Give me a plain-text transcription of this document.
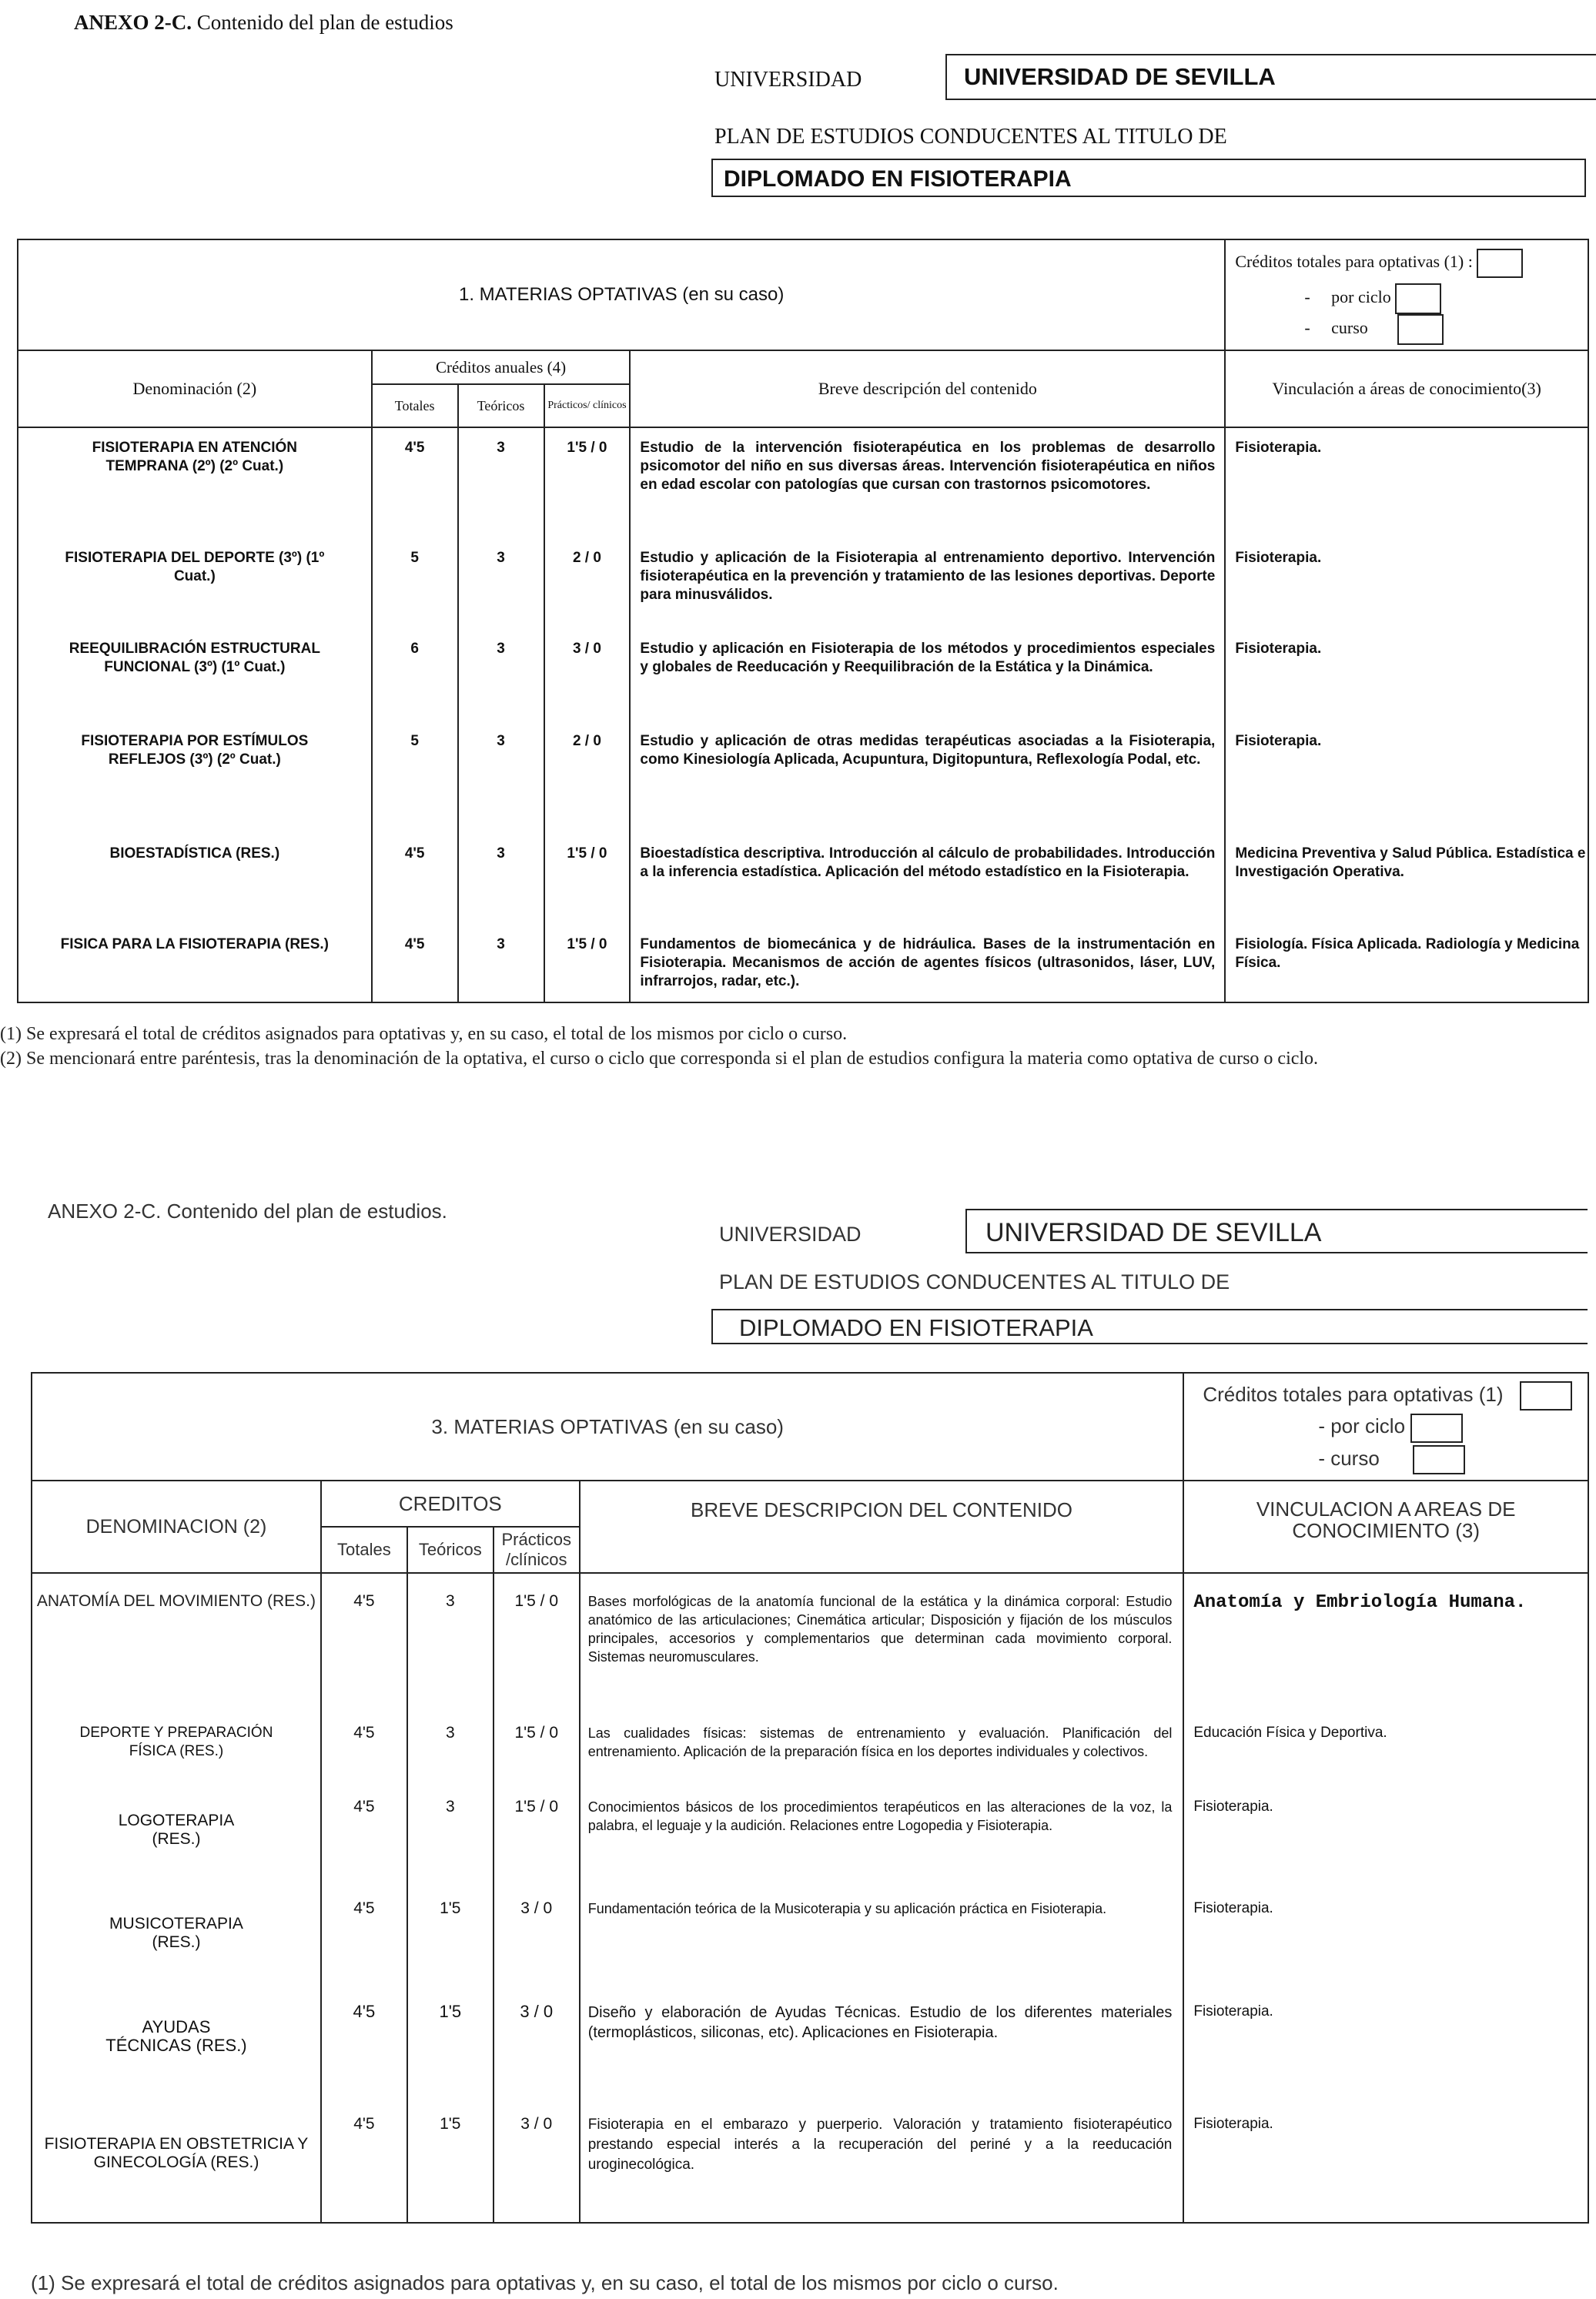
ANEXO 2-C. Contenido del plan de estudios
UNIVERSIDAD	UNIVERSIDAD DE SEVILLA
PLAN DE ESTUDIOS CONDUCENTES AL TITULO DE
DIPLOMADO EN FISIOTERAPIA
1. MATERIAS OPTATIVAS (en su caso)					Créditos totales para optativas (1) :
- por ciclo
- curso

Denominación (2)	Créditos anuales (4)			Breve descripción del contenido	Vinculación a áreas de conocimiento(3)
	Totales	Teóricos	Prácticos/ clínicos		
FISIOTERAPIA EN ATENCIÓN TEMPRANA (2º) (2º Cuat.)	4'5	3	1'5 / 0	Estudio de la intervención fisioterapéutica en los problemas de desarrollo psicomotor del niño en sus diversas áreas. Intervención fisioterapéutica en niños en edad escolar con patologías que cursan con trastornos psicomotores.	Fisioterapia.
FISIOTERAPIA DEL DEPORTE (3º) (1º Cuat.)	5	3	2 / 0	Estudio y aplicación de la Fisioterapia al entrenamiento deportivo. Intervención fisioterapéutica en la prevención y tratamiento de las lesiones deportivas. Deporte para minusválidos.	Fisioterapia.
REEQUILIBRACIÓN ESTRUCTURAL FUNCIONAL (3º) (1º Cuat.)	6	3	3 / 0	Estudio y aplicación en Fisioterapia de los métodos y procedimientos especiales y globales de Reeducación y Reequilibración de la Estática y la Dinámica.	Fisioterapia.
FISIOTERAPIA POR ESTÍMULOS REFLEJOS (3º) (2º Cuat.)	5	3	2 / 0	Estudio y aplicación de otras medidas terapéuticas asociadas a la Fisioterapia, como Kinesiología Aplicada, Acupuntura, Digitopuntura, Reflexología Podal, etc.	Fisioterapia.
BIOESTADÍSTICA (RES.)	4'5	3	1'5 / 0	Bioestadística descriptiva. Introducción al cálculo de probabilidades. Introducción a la inferencia estadística. Aplicación del método estadístico en la Fisioterapia.	Medicina Preventiva y Salud Pública. Estadística e Investigación Operativa.
FISICA PARA LA FISIOTERAPIA (RES.)	4'5	3	1'5 / 0	Fundamentos de biomecánica y de hidráulica. Bases de la instrumentación en Fisioterapia. Mecanismos de acción de agentes físicos (ultrasonidos, láser, LUV, infrarrojos, radar, etc.).	Fisiología. Física Aplicada. Radiología y Medicina Física.
(1) Se expresará el total de créditos asignados para optativas y, en su caso, el total de los mismos por ciclo o curso.
(2) Se mencionará entre paréntesis, tras la denominación de la optativa, el curso o ciclo que corresponda si el plan de estudios configura la materia como optativa de curso o ciclo.
ANEXO 2-C. Contenido del plan de estudios.
UNIVERSIDAD	UNIVERSIDAD DE SEVILLA
PLAN DE ESTUDIOS CONDUCENTES AL TITULO DE
DIPLOMADO EN FISIOTERAPIA
3. MATERIAS OPTATIVAS (en su caso)					Créditos totales para optativas (1)
- por ciclo
- curso

DENOMINACION (2)	CREDITOS			BREVE DESCRIPCION DEL CONTENIDO	VINCULACION A AREAS DE CONOCIMIENTO (3)
	Totales	Teóricos	Prácticos /clínicos		
ANATOMÍA DEL MOVIMIENTO (RES.)	4'5	3	1'5 / 0	Bases morfológicas de la anatomía funcional de la estática y la dinámica corporal: Estudio anatómico de las articulaciones; Cinemática articular; Disposición y fijación de los músculos principales, accesorios y complementarios que determinan cada movimiento corporal. Sistemas neuromusculares.	Anatomía y Embriología Humana.
DEPORTE Y PREPARACIÓN FÍSICA (RES.)	4'5	3	1'5 / 0	Las cualidades físicas: sistemas de entrenamiento y evaluación. Planificación del entrenamiento. Aplicación de la preparación física en los deportes individuales y colectivos.	Educación Física y Deportiva.
LOGOTERAPIA (RES.)	4'5	3	1'5 / 0	Conocimientos básicos de los procedimientos terapéuticos en las alteraciones de la voz, la palabra, el leguaje y la audición. Relaciones entre Logopedia y Fisioterapia.	Fisioterapia.
MUSICOTERAPIA (RES.)	4'5	1'5	3 / 0	Fundamentación teórica de la Musicoterapia y su aplicación práctica en Fisioterapia.	Fisioterapia.
AYUDAS TÉCNICAS (RES.)	4'5	1'5	3 / 0	Diseño y elaboración de Ayudas Técnicas. Estudio de los diferentes materiales (termoplásticos, siliconas, etc). Aplicaciones en Fisioterapia.	Fisioterapia.
FISIOTERAPIA EN OBSTETRICIA Y GINECOLOGÍA (RES.)	4'5	1'5	3 / 0	Fisioterapia en el embarazo y puerperio. Valoración y tratamiento fisioterapéutico prestando especial interés a la recuperación del periné y a la reeducación uroginecológica.	Fisioterapia.
(1) Se expresará el total de créditos asignados para optativas y, en su caso, el total de los mismos por ciclo o curso.
